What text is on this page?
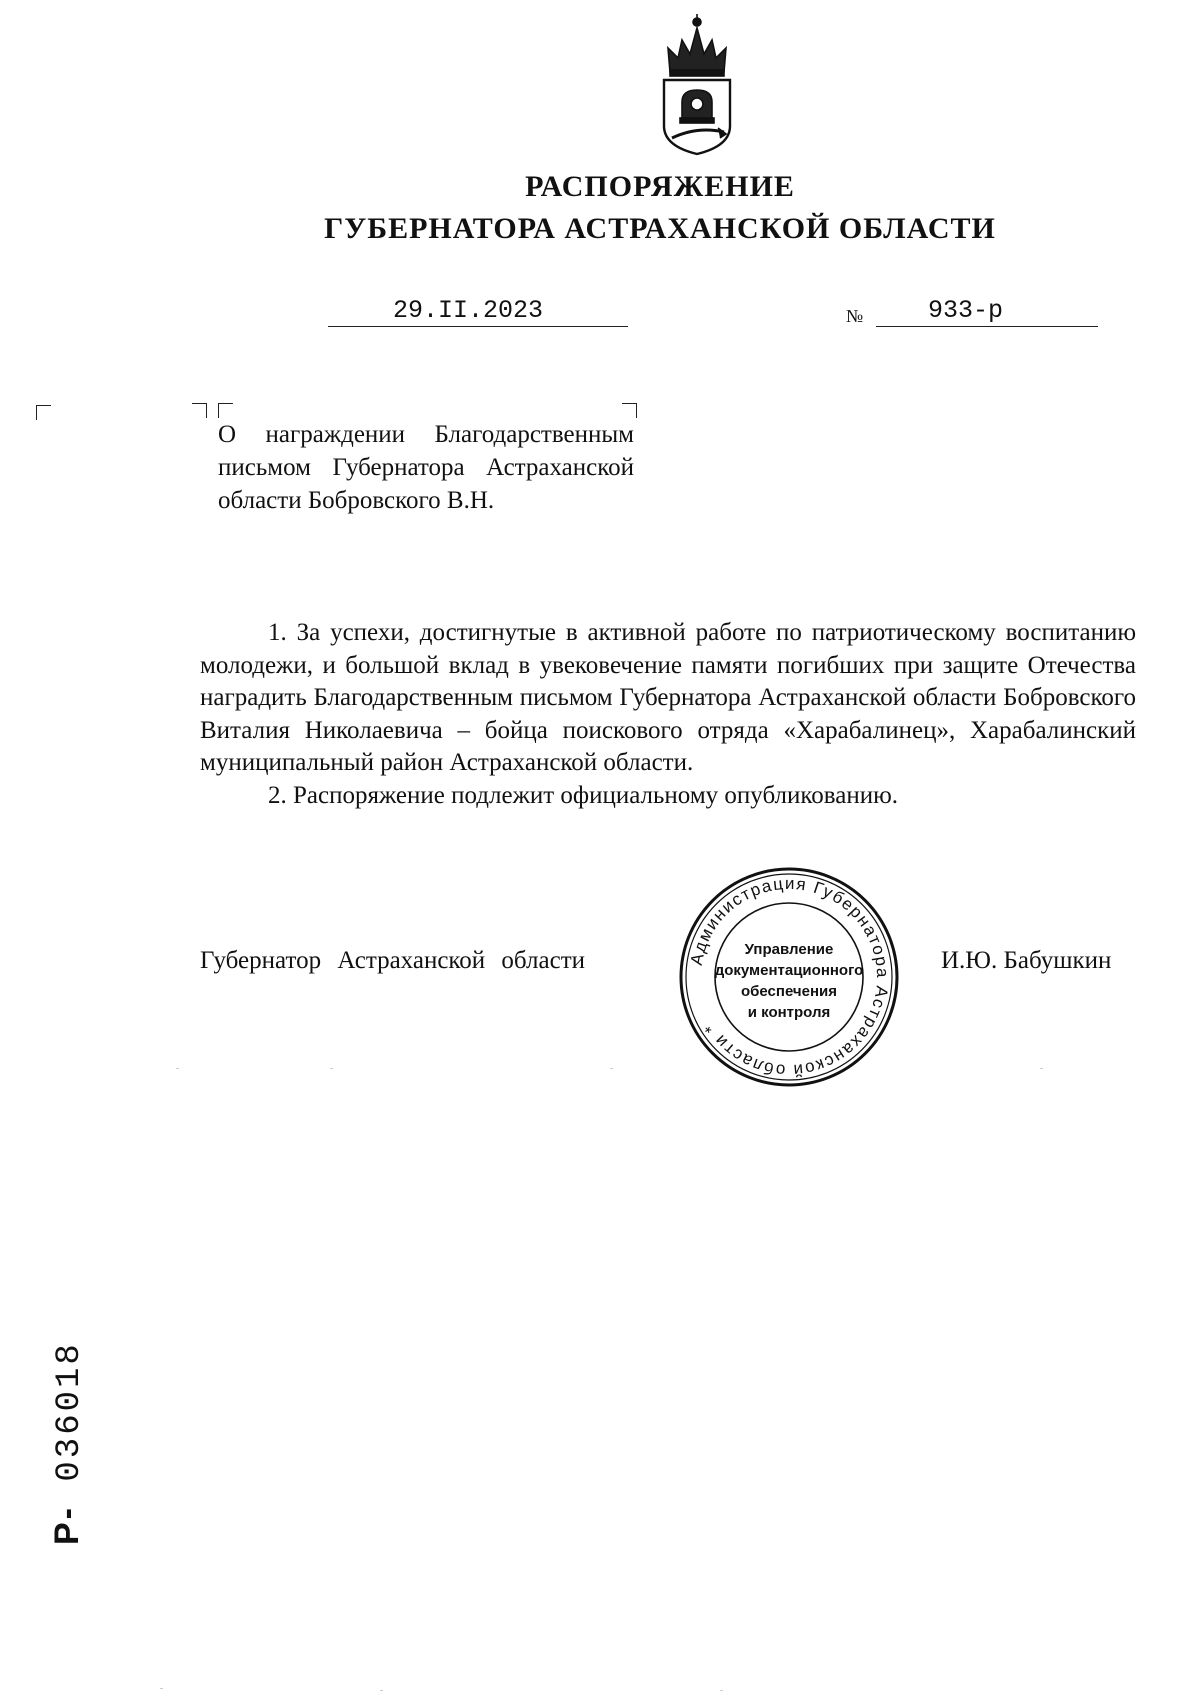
РАСПОРЯЖЕНИЕ
ГУБЕРНАТОРА АСТРАХАНСКОЙ ОБЛАСТИ
29.II.2023	№	933-р
О награждении Благодарственным письмом Губернатора Астраханской области Бобровского В.Н.

1. За успехи, достигнутые в активной работе по патриотическому воспитанию молодежи, и большой вклад в увековечение памяти погибших при защите Отечества наградить Благодарственным письмом Губернатора Астраханской области Бобровского Виталия Николаевича – бойца поискового отряда «Харабалинец», Харабалинский муниципальный район Астраханской области.

2. Распоряжение подлежит официальному опубликованию.

Губернатор Астраханской области	И.Ю. Бабушкин
Администрация Губернатора Астраханской области *
Управление
документационного
обеспечения
и контроля
Р- 036018
